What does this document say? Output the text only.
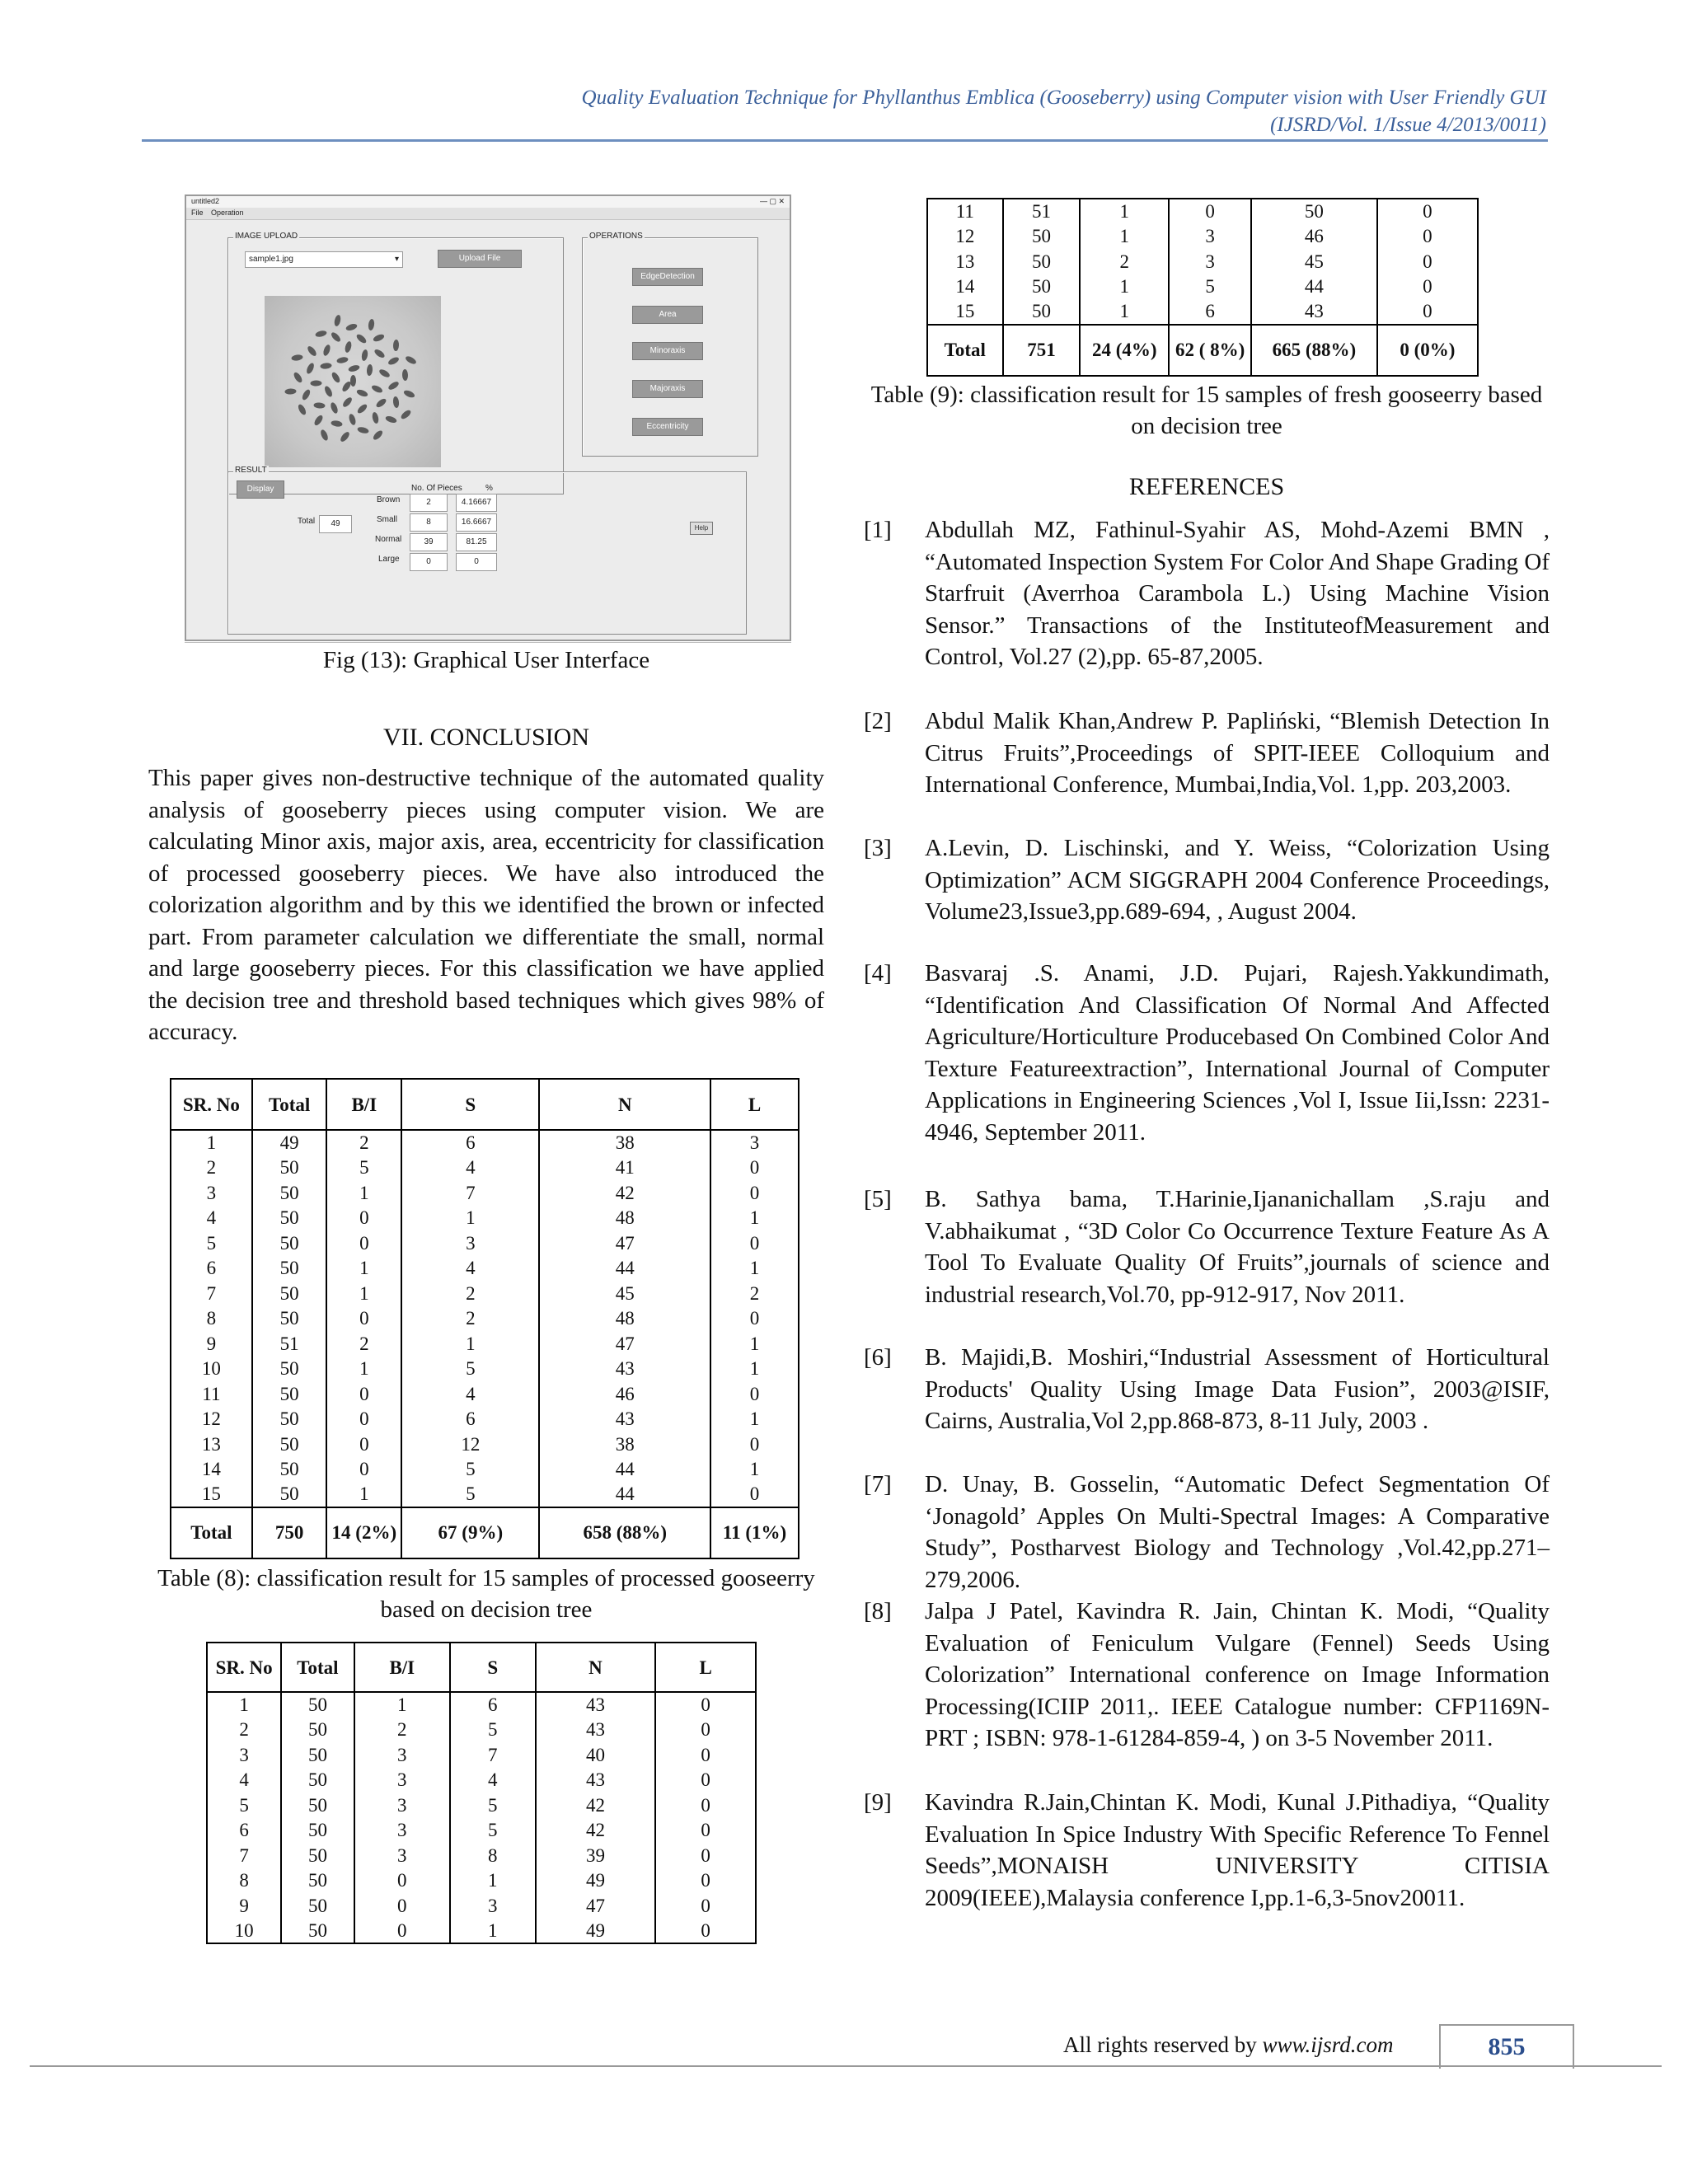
Quality Evaluation Technique for Phyllanthus Emblica (Gooseberry) using Computer vision with User Friendly GUI
(IJSRD/Vol. 1/Issue 4/2013/0011)
untitled2	— ▢ ✕
File Operation
IMAGE UPLOAD
sample1.jpg	▾	Upload File
OPERATIONS
EdgeDetection
Area
Minoraxis
Majoraxis
Eccentricity
RESULT
Display	No. Of Pieces	%
Total	49
Brown	2	4.16667
Small	8	16.6667
Normal	39	81.25
Large	0	0
Help
Fig (13): Graphical User Interface
VII. CONCLUSION
This paper gives non-destructive technique of the automated quality analysis of gooseberry pieces using computer vision. We are calculating Minor axis, major axis, area, eccentricity for classification of processed gooseberry pieces. We have also introduced the colorization algorithm and by this we identified the brown or infected part. From parameter calculation we differentiate the small, normal and large gooseberry pieces. For this classification we have applied the decision tree and threshold based techniques which gives 98% of accuracy.
SR. No	Total	B/I	S	N	L
1	49	2	6	38	3
2	50	5	4	41	0
3	50	1	7	42	0
4	50	0	1	48	1
5	50	0	3	47	0
6	50	1	4	44	1
7	50	1	2	45	2
8	50	0	2	48	0
9	51	2	1	47	1
10	50	1	5	43	1
11	50	0	4	46	0
12	50	0	6	43	1
13	50	0	12	38	0
14	50	0	5	44	1
15	50	1	5	44	0
Total	750	14 (2%)	67 (9%)	658 (88%)	11 (1%)
Table (8): classification result for 15 samples of processed gooseerry based on decision tree
SR. No	Total	B/I	S	N	L
1	50	1	6	43	0
2	50	2	5	43	0
3	50	3	7	40	0
4	50	3	4	43	0
5	50	3	5	42	0
6	50	3	5	42	0
7	50	3	8	39	0
8	50	0	1	49	0
9	50	0	3	47	0
10	50	0	1	49	0
11	51	1	0	50	0
12	50	1	3	46	0
13	50	2	3	45	0
14	50	1	5	44	0
15	50	1	6	43	0
Total	751	24 (4%)	62 ( 8%)	665 (88%)	0 (0%)
Table (9): classification result for 15 samples of fresh gooseerry based on decision tree
REFERENCES
[1]	Abdullah MZ, Fathinul-Syahir AS, Mohd-Azemi BMN , “Automated Inspection System For Color And Shape Grading Of Starfruit (Averrhoa Carambola L.) Using Machine Vision Sensor.” Transactions of the InstituteofMeasurement and Control, Vol.27 (2),pp. 65-87,2005.
[2]	Abdul Malik Khan,Andrew P. Papliński, “Blemish Detection In Citrus Fruits”,Proceedings of SPIT-IEEE Colloquium and International Conference, Mumbai,India,Vol. 1,pp. 203,2003.
[3]	A.Levin, D. Lischinski, and Y. Weiss, “Colorization Using Optimization” ACM SIGGRAPH 2004 Conference Proceedings, Volume23,Issue3,pp.689-694, , August 2004.
[4]	Basvaraj .S. Anami, J.D. Pujari, Rajesh.Yakkundimath, “Identification And Classification Of Normal And Affected Agriculture/Horticulture Producebased On Combined Color And Texture Featureextraction”, International Journal of Computer Applications in Engineering Sciences ,Vol I, Issue Iii,Issn: 2231-4946, September 2011.
[5]	B. Sathya bama, T.Harinie,Ijananichallam ,S.raju and V.abhaikumat , “3D Color Co Occurrence Texture Feature As A Tool To Evaluate Quality Of Fruits”,journals of science and industrial research,Vol.70, pp-912-917, Nov 2011.
[6]	B. Majidi,B. Moshiri,“Industrial Assessment of Horticultural Products' Quality Using Image Data Fusion”, 2003@ISIF, Cairns, Australia,Vol 2,pp.868-873, 8-11 July, 2003 .
[7]	D. Unay, B. Gosselin, “Automatic Defect Segmentation Of ‘Jonagold’ Apples On Multi-Spectral Images: A Comparative Study”, Postharvest Biology and Technology ,Vol.42,pp.271–279,2006.
[8]	Jalpa J Patel, Kavindra R. Jain, Chintan K. Modi, “Quality Evaluation of Feniculum Vulgare (Fennel) Seeds Using Colorization” International conference on Image Information Processing(ICIIP 2011,. IEEE Catalogue number: CFP1169N-PRT ; ISBN: 978-1-61284-859-4, ) on 3-5 November 2011.
[9]	Kavindra R.Jain,Chintan K. Modi, Kunal J.Pithadiya, “Quality Evaluation In Spice Industry With Specific Reference To Fennel Seeds”,MONAISH UNIVERSITY CITISIA 2009(IEEE),Malaysia conference I,pp.1-6,3-5nov20011.
All rights reserved by www.ijsrd.com	855
